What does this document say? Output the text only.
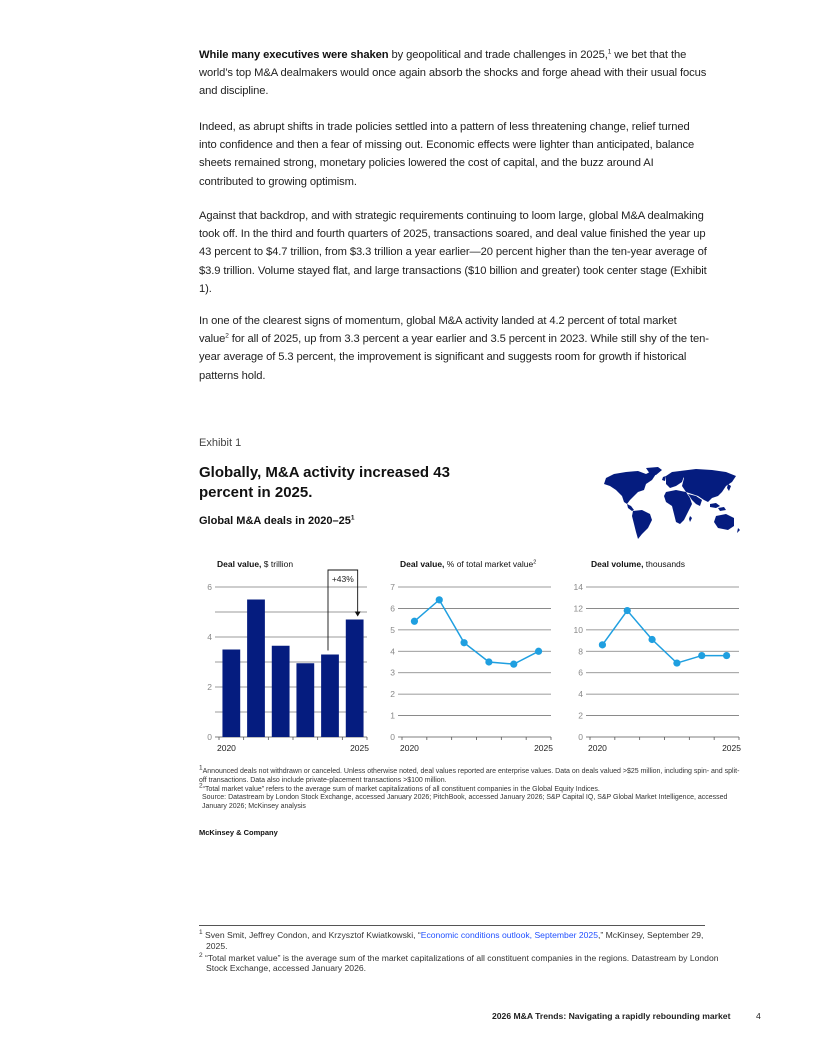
While many executives were shaken by geopolitical and trade challenges in 2025,$^1$ we bet that the world’s top M&A dealmakers would once again absorb the shocks and forge ahead with their usual focus and discipline.

Indeed, as abrupt shifts in trade policies settled into a pattern of less threatening change, relief turned into confidence and then a fear of missing out. Economic effects were lighter than anticipated, balance sheets remained strong, monetary policies lowered the cost of capital, and the buzz around AI contributed to growing optimism.

Against that backdrop, and with strategic requirements continuing to loom large, global M&A dealmaking took off. In the third and fourth quarters of 2025, transactions soared, and deal value finished the year up 43 percent to $4.7 trillion, from $3.3 trillion a year earlier—20 percent higher than the ten-year average of $3.9 trillion. Volume stayed flat, and large transactions ($10 billion and greater) took center stage (Exhibit 1).

In one of the clearest signs of momentum, global M&A activity landed at 4.2 percent of total market value$^2$ for all of 2025, up from 3.3 percent a year earlier and 3.5 percent in 2023. While still shy of the ten-year average of 5.3 percent, the improvement is significant and suggests room for growth if historical patterns hold.

Exhibit 1
Globally, M&A activity increased 43 percent in 2025.
Global M&A deals in $2020-25^1$
Deal value, $ trillion
0
2
4
6
2020	2025
+43%
Deal value, % of total market value$^2$
0
1
2
3
4
5
6
7
2020	2025
Deal volume, thousands
0
2
4
6
8
10
12
14
2020	2025

$^1$Announced deals not withdrawn or canceled. Unless otherwise noted, deal values reported are enterprise values. Data on deals valued >$25 million, including spin- and split-off transactions. Data also include private-placement transactions >$100 million.

$^2$“Total market value” refers to the average sum of market capitalizations of all constituent companies in the Global Equity Indices.

Source: Datastream by London Stock Exchange, accessed January 2026; PitchBook, accessed January 2026; S&P Capital IQ, S&P Global Market Intelligence, accessed January 2026; McKinsey analysis

McKinsey & Company

$^1$ Sven Smit, Jeffrey Condon, and Krzysztof Kwiatkowski, “Economic conditions outlook, September 2025,” McKinsey, September 29, 2025.

$^2$ “Total market value” is the average sum of the market capitalizations of all constituent companies in the regions. Datastream by London Stock Exchange, accessed January 2026.

2026 M&A Trends: Navigating a rapidly rebounding market	4
